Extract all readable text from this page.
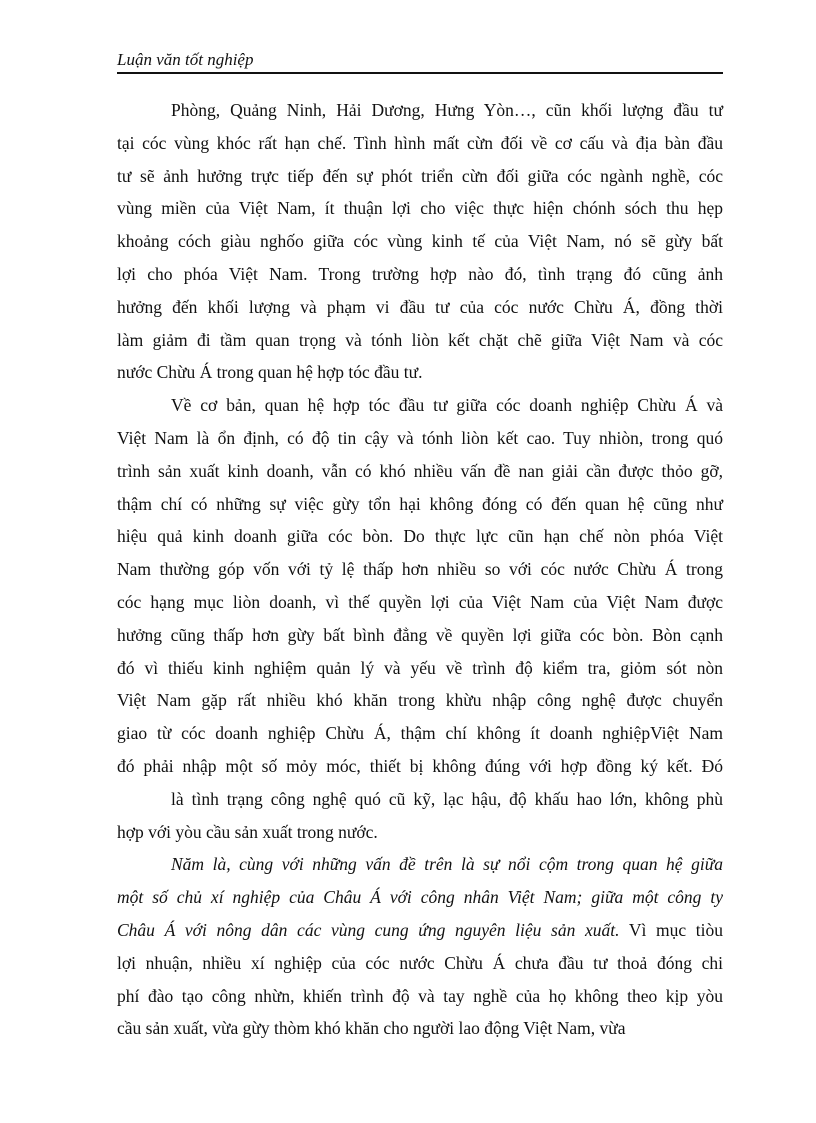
Luận văn tốt nghiệp
Phòng, Quảng Ninh, Hải Dương, Hưng Yòn…, cũn khối lượng đầu tư
tại cóc vùng khóc rất hạn chế. Tình hình mất cừn đối về cơ cấu và địa bàn đầu
tư sẽ ảnh hưởng trực tiếp đến sự phót triển cừn đối giữa cóc ngành nghề, cóc
vùng miền của Việt Nam, ít thuận lợi cho việc thực hiện chónh sóch thu hẹp
khoảng cóch giàu nghốo giữa cóc vùng kinh tế của Việt Nam, nó sẽ gừy bất
lợi cho phóa Việt Nam. Trong trường hợp nào đó, tình trạng đó cũng ảnh
hưởng đến khối lượng và phạm vi đầu tư của cóc nước Chừu Á, đồng thời
làm giảm đi tầm quan trọng và tónh liòn kết chặt chẽ giữa Việt Nam và cóc
nước Chừu Á trong quan hệ hợp tóc đầu tư.
Về cơ bản, quan hệ hợp tóc đầu tư giữa cóc doanh nghiệp Chừu Á và
Việt Nam là ổn định, có độ tin cậy và tónh liòn kết cao. Tuy nhiòn, trong quó
trình sản xuất kinh doanh, vẫn có khó nhiều vấn đề nan giải cần được thỏo gỡ,
thậm chí có những sự việc gừy tổn hại không đóng có đến quan hệ cũng như
hiệu quả kinh doanh giữa cóc bòn. Do thực lực cũn hạn chế nòn phóa Việt
Nam thường góp vốn với tỷ lệ thấp hơn nhiều so với cóc nước Chừu Á trong
cóc hạng mục liòn doanh, vì thế quyền lợi của Việt Nam của Việt Nam được
hưởng cũng thấp hơn gừy bất bình đẳng về quyền lợi giữa cóc bòn. Bòn cạnh
đó vì thiếu kinh nghiệm quản lý và yếu về trình độ kiểm tra, giỏm sót nòn
Việt Nam gặp rất nhiều khó khăn trong khừu nhập công nghệ được chuyển
giao từ cóc doanh nghiệp Chừu Á, thậm chí không ít doanh nghiệpViệt Nam
đó phải nhập một số mỏy móc, thiết bị không đúng với hợp đồng ký kết. Đó
là tình trạng công nghệ quó cũ kỹ, lạc hậu, độ khấu hao lớn, không phù
hợp với yòu cầu sản xuất trong nước.
Năm là, cùng với những vấn đề trên là sự nổi cộm trong quan hệ giữa
một số chủ xí nghiệp của Châu Á với công nhân Việt Nam; giữa một công ty
Châu Á với nông dân các vùng cung ứng nguyên liệu sản xuất. Vì mục tiòu
lợi nhuận, nhiều xí nghiệp của cóc nước Chừu Á chưa đầu tư thoả đóng chi
phí đào tạo công nhừn, khiến trình độ và tay nghề của họ không theo kịp yòu
cầu sản xuất, vừa gừy thòm khó khăn cho người lao động Việt Nam, vừa
